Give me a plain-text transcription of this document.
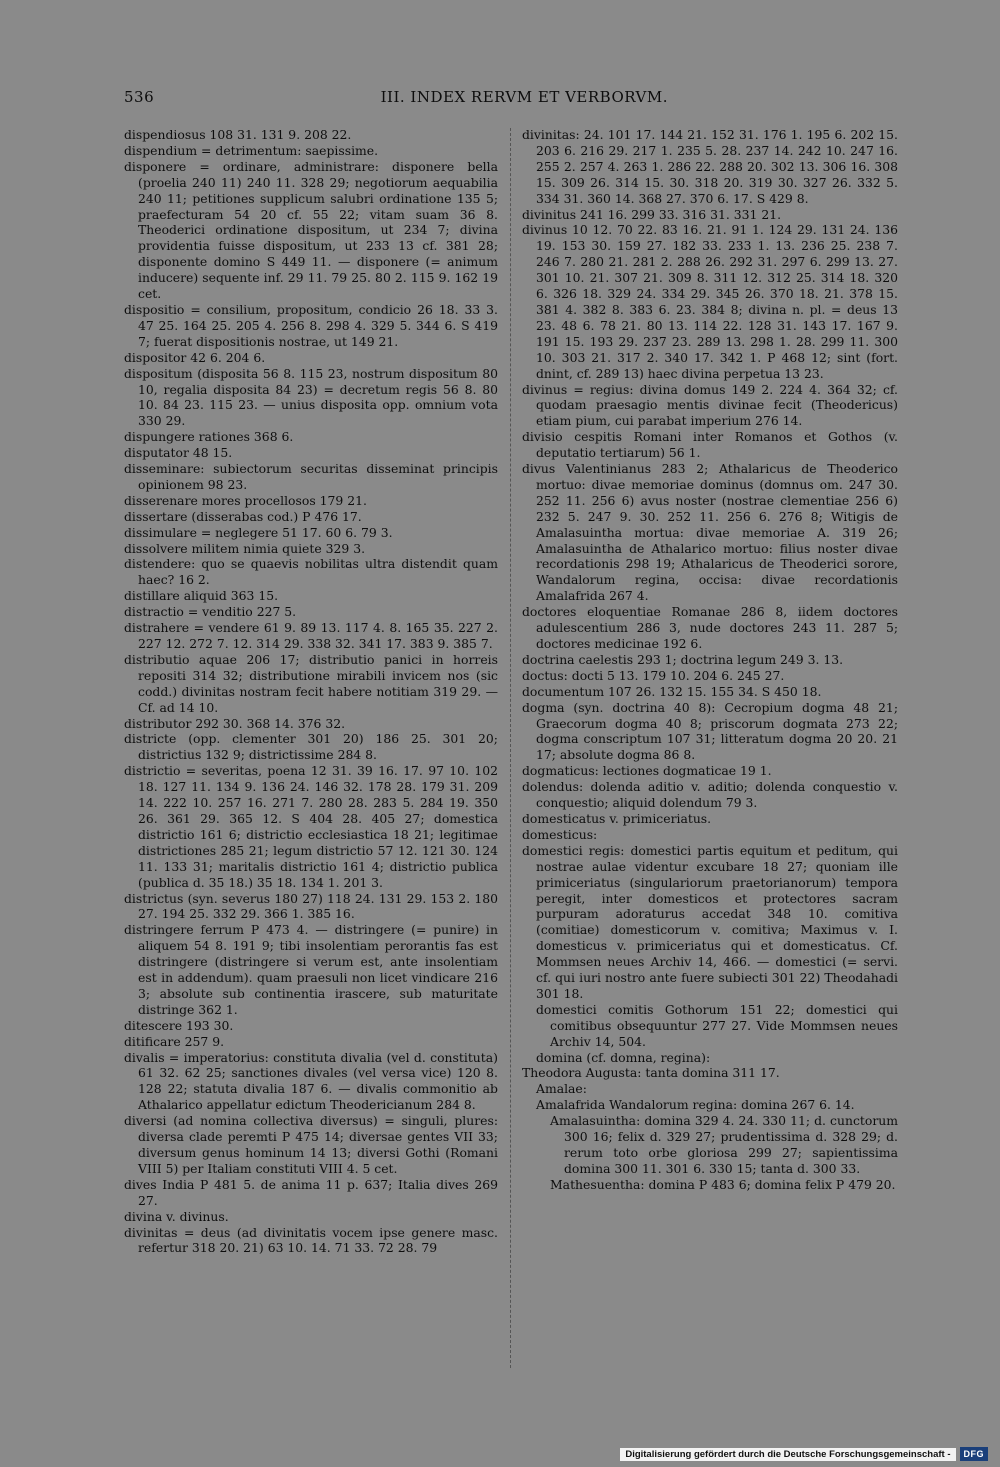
536	III. INDEX RERVM ET VERBORVM.

dispendiosus 108 31. 131 9. 208 22.

dispendium = detrimentum: saepissime.

disponere = ordinare, administrare: disponere bella (proelia 240 11) 240 11. 328 29; negotiorum aequabilia 240 11; petitiones supplicum salubri ordinatione 135 5; praefecturam 54 20 cf. 55 22; vitam suam 36 8. Theoderici ordinatione dispositum, ut 234 7; divina providentia fuisse dispositum, ut 233 13 cf. 381 28; disponente domino S 449 11. — disponere (= animum inducere) sequente inf. 29 11. 79 25. 80 2. 115 9. 162 19 cet.

dispositio = consilium, propositum, condicio 26 18. 33 3. 47 25. 164 25. 205 4. 256 8. 298 4. 329 5. 344 6. S 419 7; fuerat dispositionis nostrae, ut 149 21.

dispositor 42 6. 204 6.

dispositum (disposita 56 8. 115 23, nostrum dispositum 80 10, regalia disposita 84 23) = decretum regis 56 8. 80 10. 84 23. 115 23. — unius disposita opp. omnium vota 330 29.

dispungere rationes 368 6.

disputator 48 15.

disseminare: subiectorum securitas disseminat principis opinionem 98 23.

disserenare mores procellosos 179 21.

dissertare (disserabas cod.) P 476 17.

dissimulare = neglegere 51 17. 60 6. 79 3.

dissolvere militem nimia quiete 329 3.

distendere: quo se quaevis nobilitas ultra distendit quam haec? 16 2.

distillare aliquid 363 15.

distractio = venditio 227 5.

distrahere = vendere 61 9. 89 13. 117 4. 8. 165 35. 227 2. 227 12. 272 7. 12. 314 29. 338 32. 341 17. 383 9. 385 7.

distributio aquae 206 17; distributio panici in horreis repositi 314 32; distributione mirabili invicem nos (sic codd.) divinitas nostram fecit habere notitiam 319 29. — Cf. ad 14 10.

distributor 292 30. 368 14. 376 32.

districte (opp. clementer 301 20) 186 25. 301 20; districtius 132 9; districtissime 284 8.

districtio = severitas, poena 12 31. 39 16. 17. 97 10. 102 18. 127 11. 134 9. 136 24. 146 32. 178 28. 179 31. 209 14. 222 10. 257 16. 271 7. 280 28. 283 5. 284 19. 350 26. 361 29. 365 12. S 404 28. 405 27; domestica districtio 161 6; districtio ecclesiastica 18 21; legitimae districtiones 285 21; legum districtio 57 12. 121 30. 124 11. 133 31; maritalis districtio 161 4; districtio publica (publica d. 35 18.) 35 18. 134 1. 201 3.

districtus (syn. severus 180 27) 118 24. 131 29. 153 2. 180 27. 194 25. 332 29. 366 1. 385 16.

distringere ferrum P 473 4. — distringere (= punire) in aliquem 54 8. 191 9; tibi insolentiam perorantis fas est distringere (distringere si verum est, ante insolentiam est in addendum). quam praesuli non licet vindicare 216 3; absolute sub continentia irascere, sub maturitate distringe 362 1.

ditescere 193 30.

ditificare 257 9.

divalis = imperatorius: constituta divalia (vel d. constituta) 61 32. 62 25; sanctiones divales (vel versa vice) 120 8. 128 22; statuta divalia 187 6. — divalis commonitio ab Athalarico appellatur edictum Theodericianum 284 8.

diversi (ad nomina collectiva diversus) = singuli, plures: diversa clade peremti P 475 14; diversae gentes VII 33; diversum genus hominum 14 13; diversi Gothi (Romani VIII 5) per Italiam constituti VIII 4. 5 cet.

dives India P 481 5. de anima 11 p. 637; Italia dives 269 27.

divina v. divinus.

divinitas = deus (ad divinitatis vocem ipse genere masc. refertur 318 20. 21) 63 10. 14. 71 33. 72 28. 79

divinitas: 24. 101 17. 144 21. 152 31. 176 1. 195 6. 202 15. 203 6. 216 29. 217 1. 235 5. 28. 237 14. 242 10. 247 16. 255 2. 257 4. 263 1. 286 22. 288 20. 302 13. 306 16. 308 15. 309 26. 314 15. 30. 318 20. 319 30. 327 26. 332 5. 334 31. 360 14. 368 27. 370 6. 17. S 429 8.

divinitus 241 16. 299 33. 316 31. 331 21.

divinus 10 12. 70 22. 83 16. 21. 91 1. 124 29. 131 24. 136 19. 153 30. 159 27. 182 33. 233 1. 13. 236 25. 238 7. 246 7. 280 21. 281 2. 288 26. 292 31. 297 6. 299 13. 27. 301 10. 21. 307 21. 309 8. 311 12. 312 25. 314 18. 320 6. 326 18. 329 24. 334 29. 345 26. 370 18. 21. 378 15. 381 4. 382 8. 383 6. 23. 384 8; divina n. pl. = deus 13 23. 48 6. 78 21. 80 13. 114 22. 128 31. 143 17. 167 9. 191 15. 193 29. 237 23. 289 13. 298 1. 28. 299 11. 300 10. 303 21. 317 2. 340 17. 342 1. P 468 12; sint (fort. dnint, cf. 289 13) haec divina perpetua 13 23.

divinus = regius: divina domus 149 2. 224 4. 364 32; cf. quodam praesagio mentis divinae fecit (Theodericus) etiam pium, cui parabat imperium 276 14.

divisio cespitis Romani inter Romanos et Gothos (v. deputatio tertiarum) 56 1.

divus Valentinianus 283 2; Athalaricus de Theoderico mortuo: divae memoriae dominus (domnus om. 247 30. 252 11. 256 6) avus noster (nostrae clementiae 256 6) 232 5. 247 9. 30. 252 11. 256 6. 276 8; Witigis de Amalasuintha mortua: divae memoriae A. 319 26; Amalasuintha de Athalarico mortuo: filius noster divae recordationis 298 19; Athalaricus de Theoderici sorore, Wandalorum regina, occisa: divae recordationis Amalafrida 267 4.

doctores eloquentiae Romanae 286 8, iidem doctores adulescentium 286 3, nude doctores 243 11. 287 5; doctores medicinae 192 6.

doctrina caelestis 293 1; doctrina legum 249 3. 13.

doctus: docti 5 13. 179 10. 204 6. 245 27.

documentum 107 26. 132 15. 155 34. S 450 18.

dogma (syn. doctrina 40 8): Cecropium dogma 48 21; Graecorum dogma 40 8; priscorum dogmata 273 22; dogma conscriptum 107 31; litteratum dogma 20 20. 21 17; absolute dogma 86 8.

dogmaticus: lectiones dogmaticae 19 1.

dolendus: dolenda aditio v. aditio; dolenda conquestio v. conquestio; aliquid dolendum 79 3.

domesticatus v. primiceriatus.

domesticus:

domestici regis: domestici partis equitum et peditum, qui nostrae aulae videntur excubare 18 27; quoniam ille primiceriatus (singulariorum praetorianorum) tempora peregit, inter domesticos et protectores sacram purpuram adoraturus accedat 348 10. comitiva (comitiae) domesticorum v. comitiva; Maximus v. I. domesticus v. primiceriatus qui et domesticatus. Cf. Mommsen neues Archiv 14, 466. — domestici (= servi. cf. qui iuri nostro ante fuere subiecti 301 22) Theodahadi 301 18.

domestici comitis Gothorum 151 22; domestici qui comitibus obsequuntur 277 27. Vide Mommsen neues Archiv 14, 504.

domina (cf. domna, regina):

Theodora Augusta: tanta domina 311 17.

Amalae:

Amalafrida Wandalorum regina: domina 267 6. 14.

Amalasuintha: domina 329 4. 24. 330 11; d. cunctorum 300 16; felix d. 329 27; prudentissima d. 328 29; d. rerum toto orbe gloriosa 299 27; sapientissima domina 300 11. 301 6. 330 15; tanta d. 300 33.

Mathesuentha: domina P 483 6; domina felix P 479 20.

Digitalisierung gefördert durch die Deutsche Forschungsgemeinschaft -	DFG
